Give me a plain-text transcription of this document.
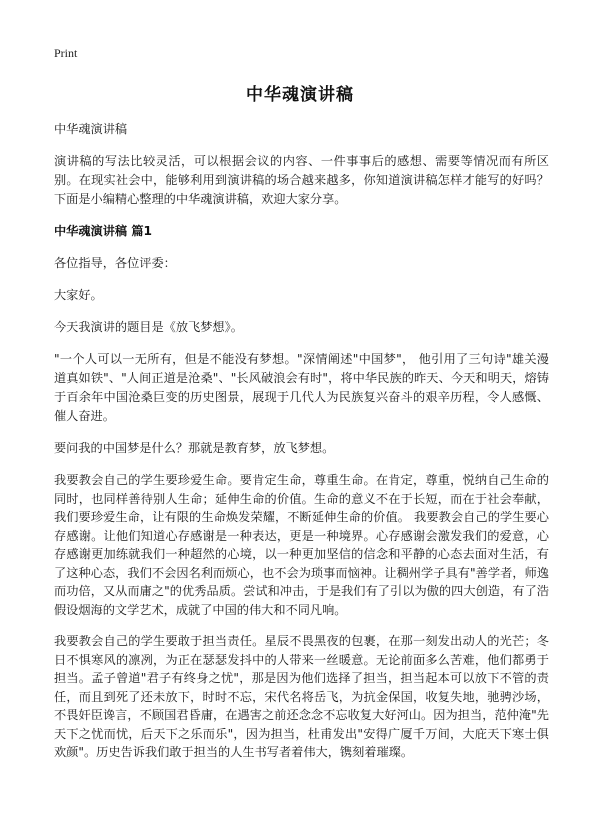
Print
中华魂演讲稿

中华魂演讲稿

演讲稿的写法比较灵活，可以根据会议的内容、一件事事后的感想、需要等情况而有所区别。在现实社会中，能够利用到演讲稿的场合越来越多，你知道演讲稿怎样才能写的好吗？下面是小编精心整理的中华魂演讲稿，欢迎大家分享。

中华魂演讲稿 篇1

各位指导，各位评委：

大家好。

今天我演讲的题目是《放飞梦想》。

"一个人可以一无所有，但是不能没有梦想。"深情阐述"中国梦"， 他引用了三句诗"雄关漫道真如铁"、"人间正道是沧桑"、"长风破浪会有时"，将中华民族的昨天、今天和明天，熔铸于百余年中国沧桑巨变的历史图景，展现于几代人为民族复兴奋斗的艰辛历程，令人感慨、催人奋进。

要问我的中国梦是什么？那就是教育梦，放飞梦想。

我要教会自己的学生要珍爱生命。要肯定生命，尊重生命。在肯定，尊重，悦纳自己生命的同时，也同样善待别人生命；延伸生命的价值。生命的意义不在于长短，而在于社会奉献，我们要珍爱生命，让有限的生命焕发荣耀，不断延伸生命的价值。 我要教会自己的学生要心存感谢。让他们知道心存感谢是一种表达，更是一种境界。心存感谢会激发我们的爱意，心存感谢更加练就我们一种超然的心境，以一种更加坚信的信念和平静的心态去面对生活，有了这种心态，我们不会因名利而烦心，也不会为琐事而恼神。让稠州学子具有"善学者，师逸而功倍，又从而庸之"的优秀品质。尝试和冲击，于是我们有了引以为傲的四大创造，有了浩假设烟海的文学艺术，成就了中国的伟大和不同凡响。

我要教会自己的学生要敢于担当责任。星辰不畏黑夜的包裹，在那一刻发出动人的光芒；冬日不惧寒风的凛冽，为正在瑟瑟发抖中的人带来一丝暖意。无论前面多么苦难，他们都勇于担当。孟子曾道"君子有终身之忧"，那是因为他们选择了担当，担当起本可以放下不管的责任，而且到死了还未放下，时时不忘，宋代名将岳飞，为抗金保国，收复失地，驰骋沙场，不畏奸臣谗言，不顾国君昏庸，在遇害之前还念念不忘收复大好河山。因为担当，范仲淹"先天下之忧而忧，后天下之乐而乐"，因为担当，杜甫发出"安得广厦千万间，大庇天下寒士俱欢颜"。历史告诉我们敢于担当的人生书写者着伟大，镌刻着璀璨。
